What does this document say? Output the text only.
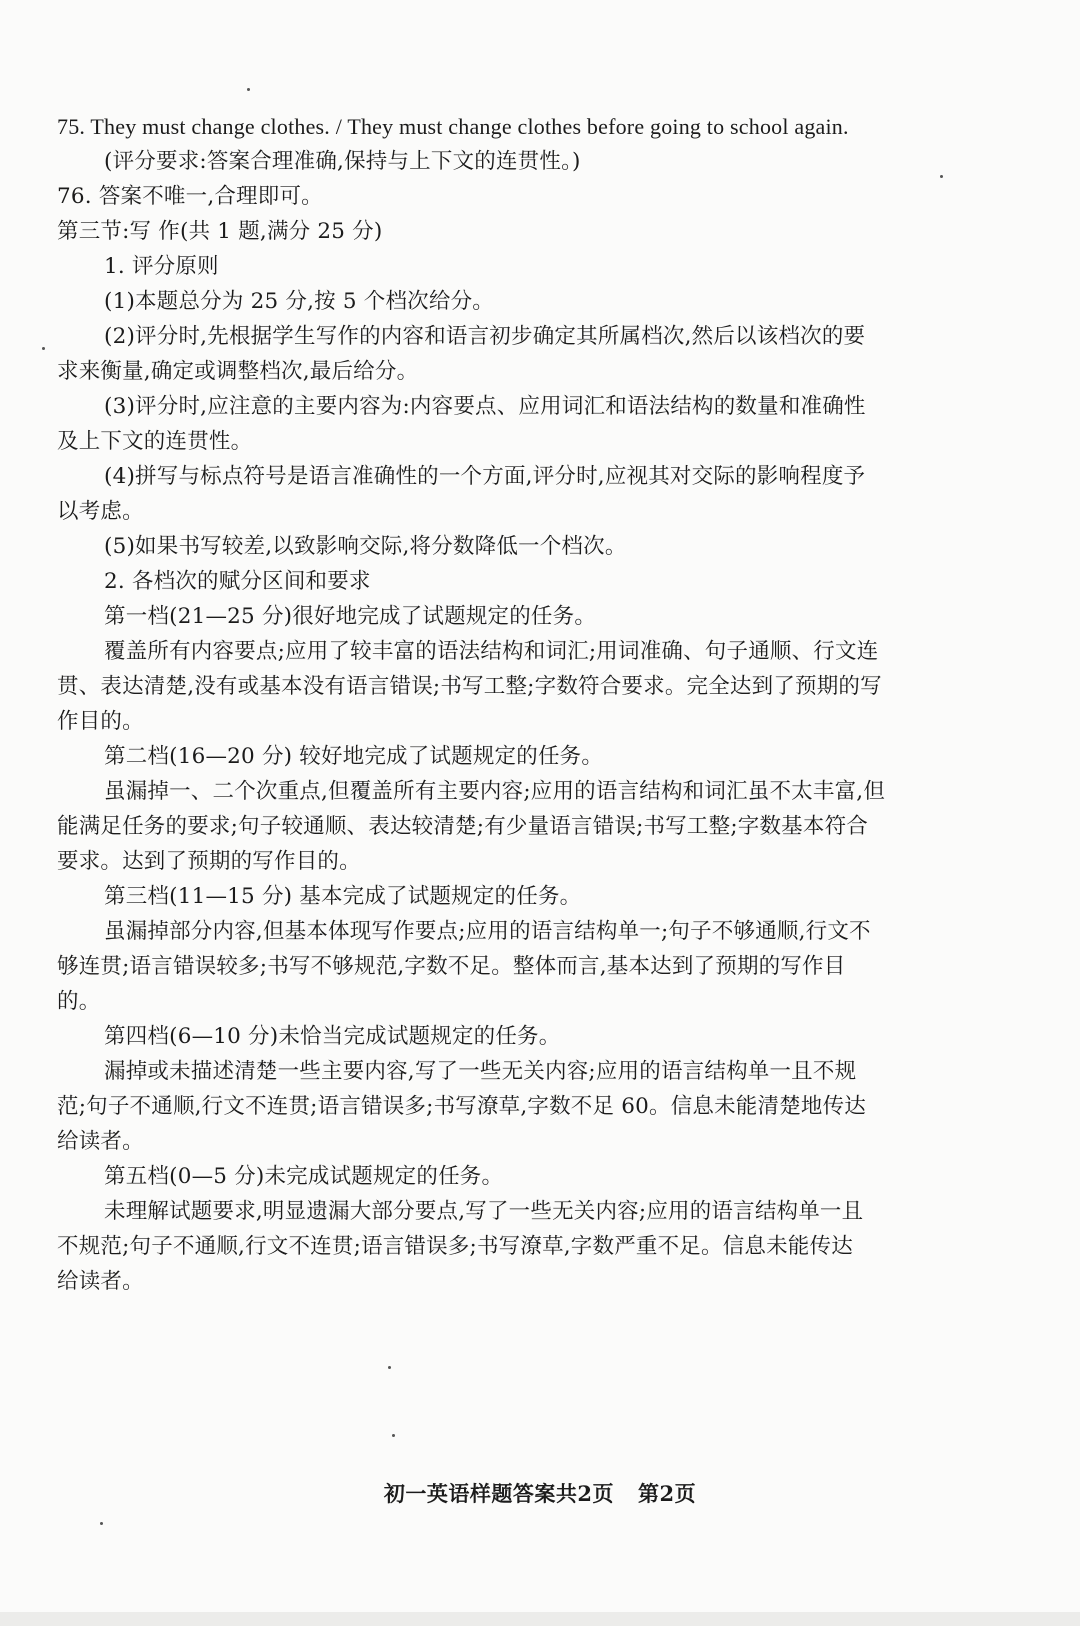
75. They must change clothes. / They must change clothes before going to school again.
(评分要求:答案合理准确,保持与上下文的连贯性。)
76. 答案不唯一,合理即可。
第三节:写 作(共 1 题,满分 25 分)
1. 评分原则
(1)本题总分为 25 分,按 5 个档次给分。
(2)评分时,先根据学生写作的内容和语言初步确定其所属档次,然后以该档次的要
求来衡量,确定或调整档次,最后给分。
(3)评分时,应注意的主要内容为:内容要点、应用词汇和语法结构的数量和准确性
及上下文的连贯性。
(4)拼写与标点符号是语言准确性的一个方面,评分时,应视其对交际的影响程度予
以考虑。
(5)如果书写较差,以致影响交际,将分数降低一个档次。
2. 各档次的赋分区间和要求
第一档(21—25 分)很好地完成了试题规定的任务。
覆盖所有内容要点;应用了较丰富的语法结构和词汇;用词准确、句子通顺、行文连
贯、表达清楚,没有或基本没有语言错误;书写工整;字数符合要求。完全达到了预期的写
作目的。
第二档(16—20 分) 较好地完成了试题规定的任务。
虽漏掉一、二个次重点,但覆盖所有主要内容;应用的语言结构和词汇虽不太丰富,但
能满足任务的要求;句子较通顺、表达较清楚;有少量语言错误;书写工整;字数基本符合
要求。达到了预期的写作目的。
第三档(11—15 分) 基本完成了试题规定的任务。
虽漏掉部分内容,但基本体现写作要点;应用的语言结构单一;句子不够通顺,行文不
够连贯;语言错误较多;书写不够规范,字数不足。整体而言,基本达到了预期的写作目
的。
第四档(6—10 分)未恰当完成试题规定的任务。
漏掉或未描述清楚一些主要内容,写了一些无关内容;应用的语言结构单一且不规
范;句子不通顺,行文不连贯;语言错误多;书写潦草,字数不足 60。信息未能清楚地传达
给读者。
第五档(0—5 分)未完成试题规定的任务。
未理解试题要求,明显遗漏大部分要点,写了一些无关内容;应用的语言结构单一且
不规范;句子不通顺,行文不连贯;语言错误多;书写潦草,字数严重不足。信息未能传达
给读者。
初一英语样题答案共2页 第2页
